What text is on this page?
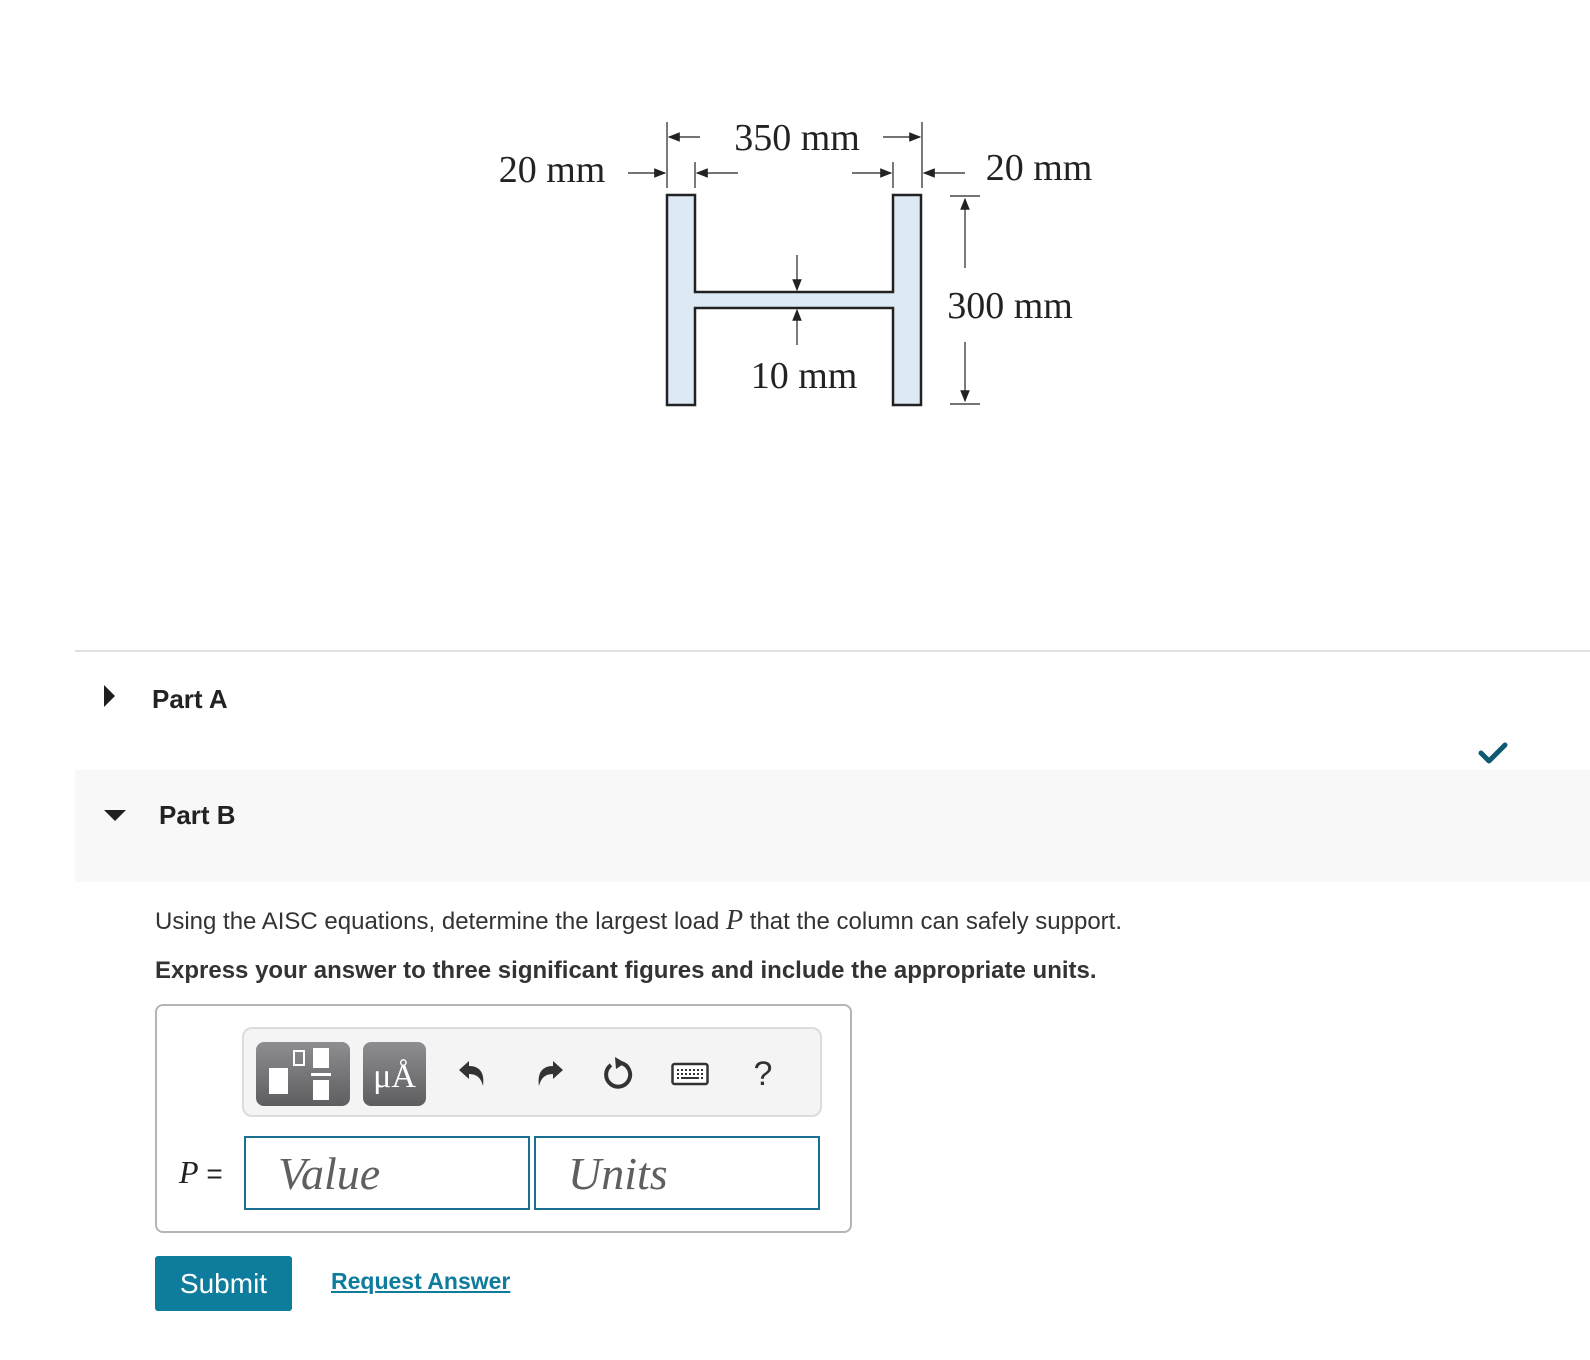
350 mm
20 mm	20 mm
300 mm
10 mm
Part A
Part B
Using the AISC equations, determine the largest load P that the column can safely support.
Express your answer to three significant figures and include the appropriate units.
μÅ	?
P =
Value
Units
Submit	Request Answer
